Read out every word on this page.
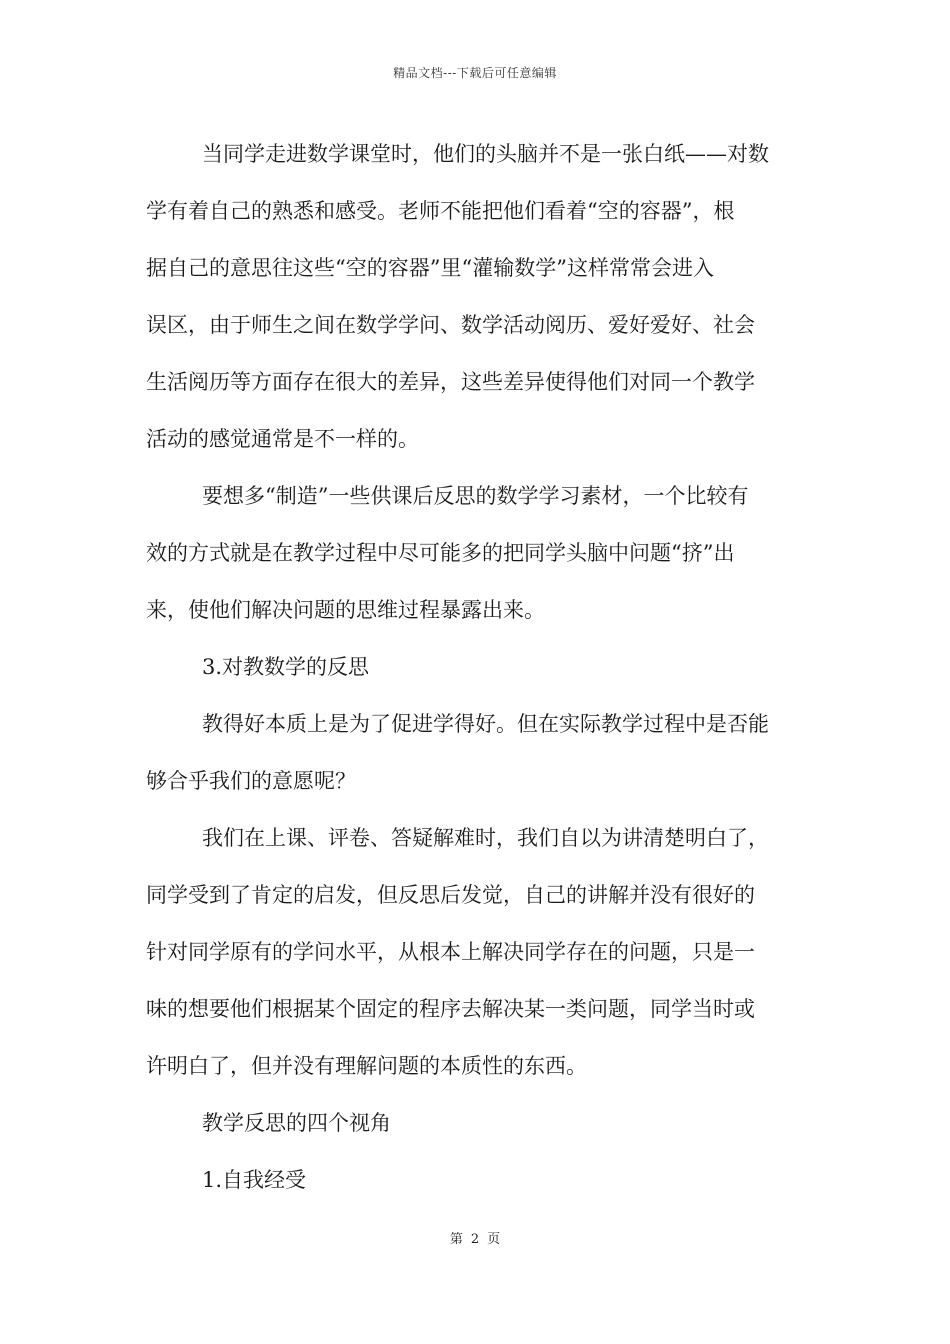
精品文档---下载后可任意编辑
当同学走进数学课堂时，他们的头脑并不是一张白纸——对数
学有着自己的熟悉和感受。老师不能把他们看着“空的容器”，根
据自己的意思往这些“空的容器”里“灌输数学”这样常常会进入
误区，由于师生之间在数学学问、数学活动阅历、爱好爱好、社会
生活阅历等方面存在很大的差异，这些差异使得他们对同一个教学
活动的感觉通常是不一样的。
要想多“制造”一些供课后反思的数学学习素材，一个比较有
效的方式就是在教学过程中尽可能多的把同学头脑中问题“挤”出
来，使他们解决问题的思维过程暴露出来。
3.对教数学的反思
教得好本质上是为了促进学得好。但在实际教学过程中是否能
够合乎我们的意愿呢？
我们在上课、评卷、答疑解难时，我们自以为讲清楚明白了，
同学受到了肯定的启发，但反思后发觉，自己的讲解并没有很好的
针对同学原有的学问水平，从根本上解决同学存在的问题，只是一
味的想要他们根据某个固定的程序去解决某一类问题，同学当时或
许明白了，但并没有理解问题的本质性的东西。
教学反思的四个视角
1.自我经受
第 2 页
